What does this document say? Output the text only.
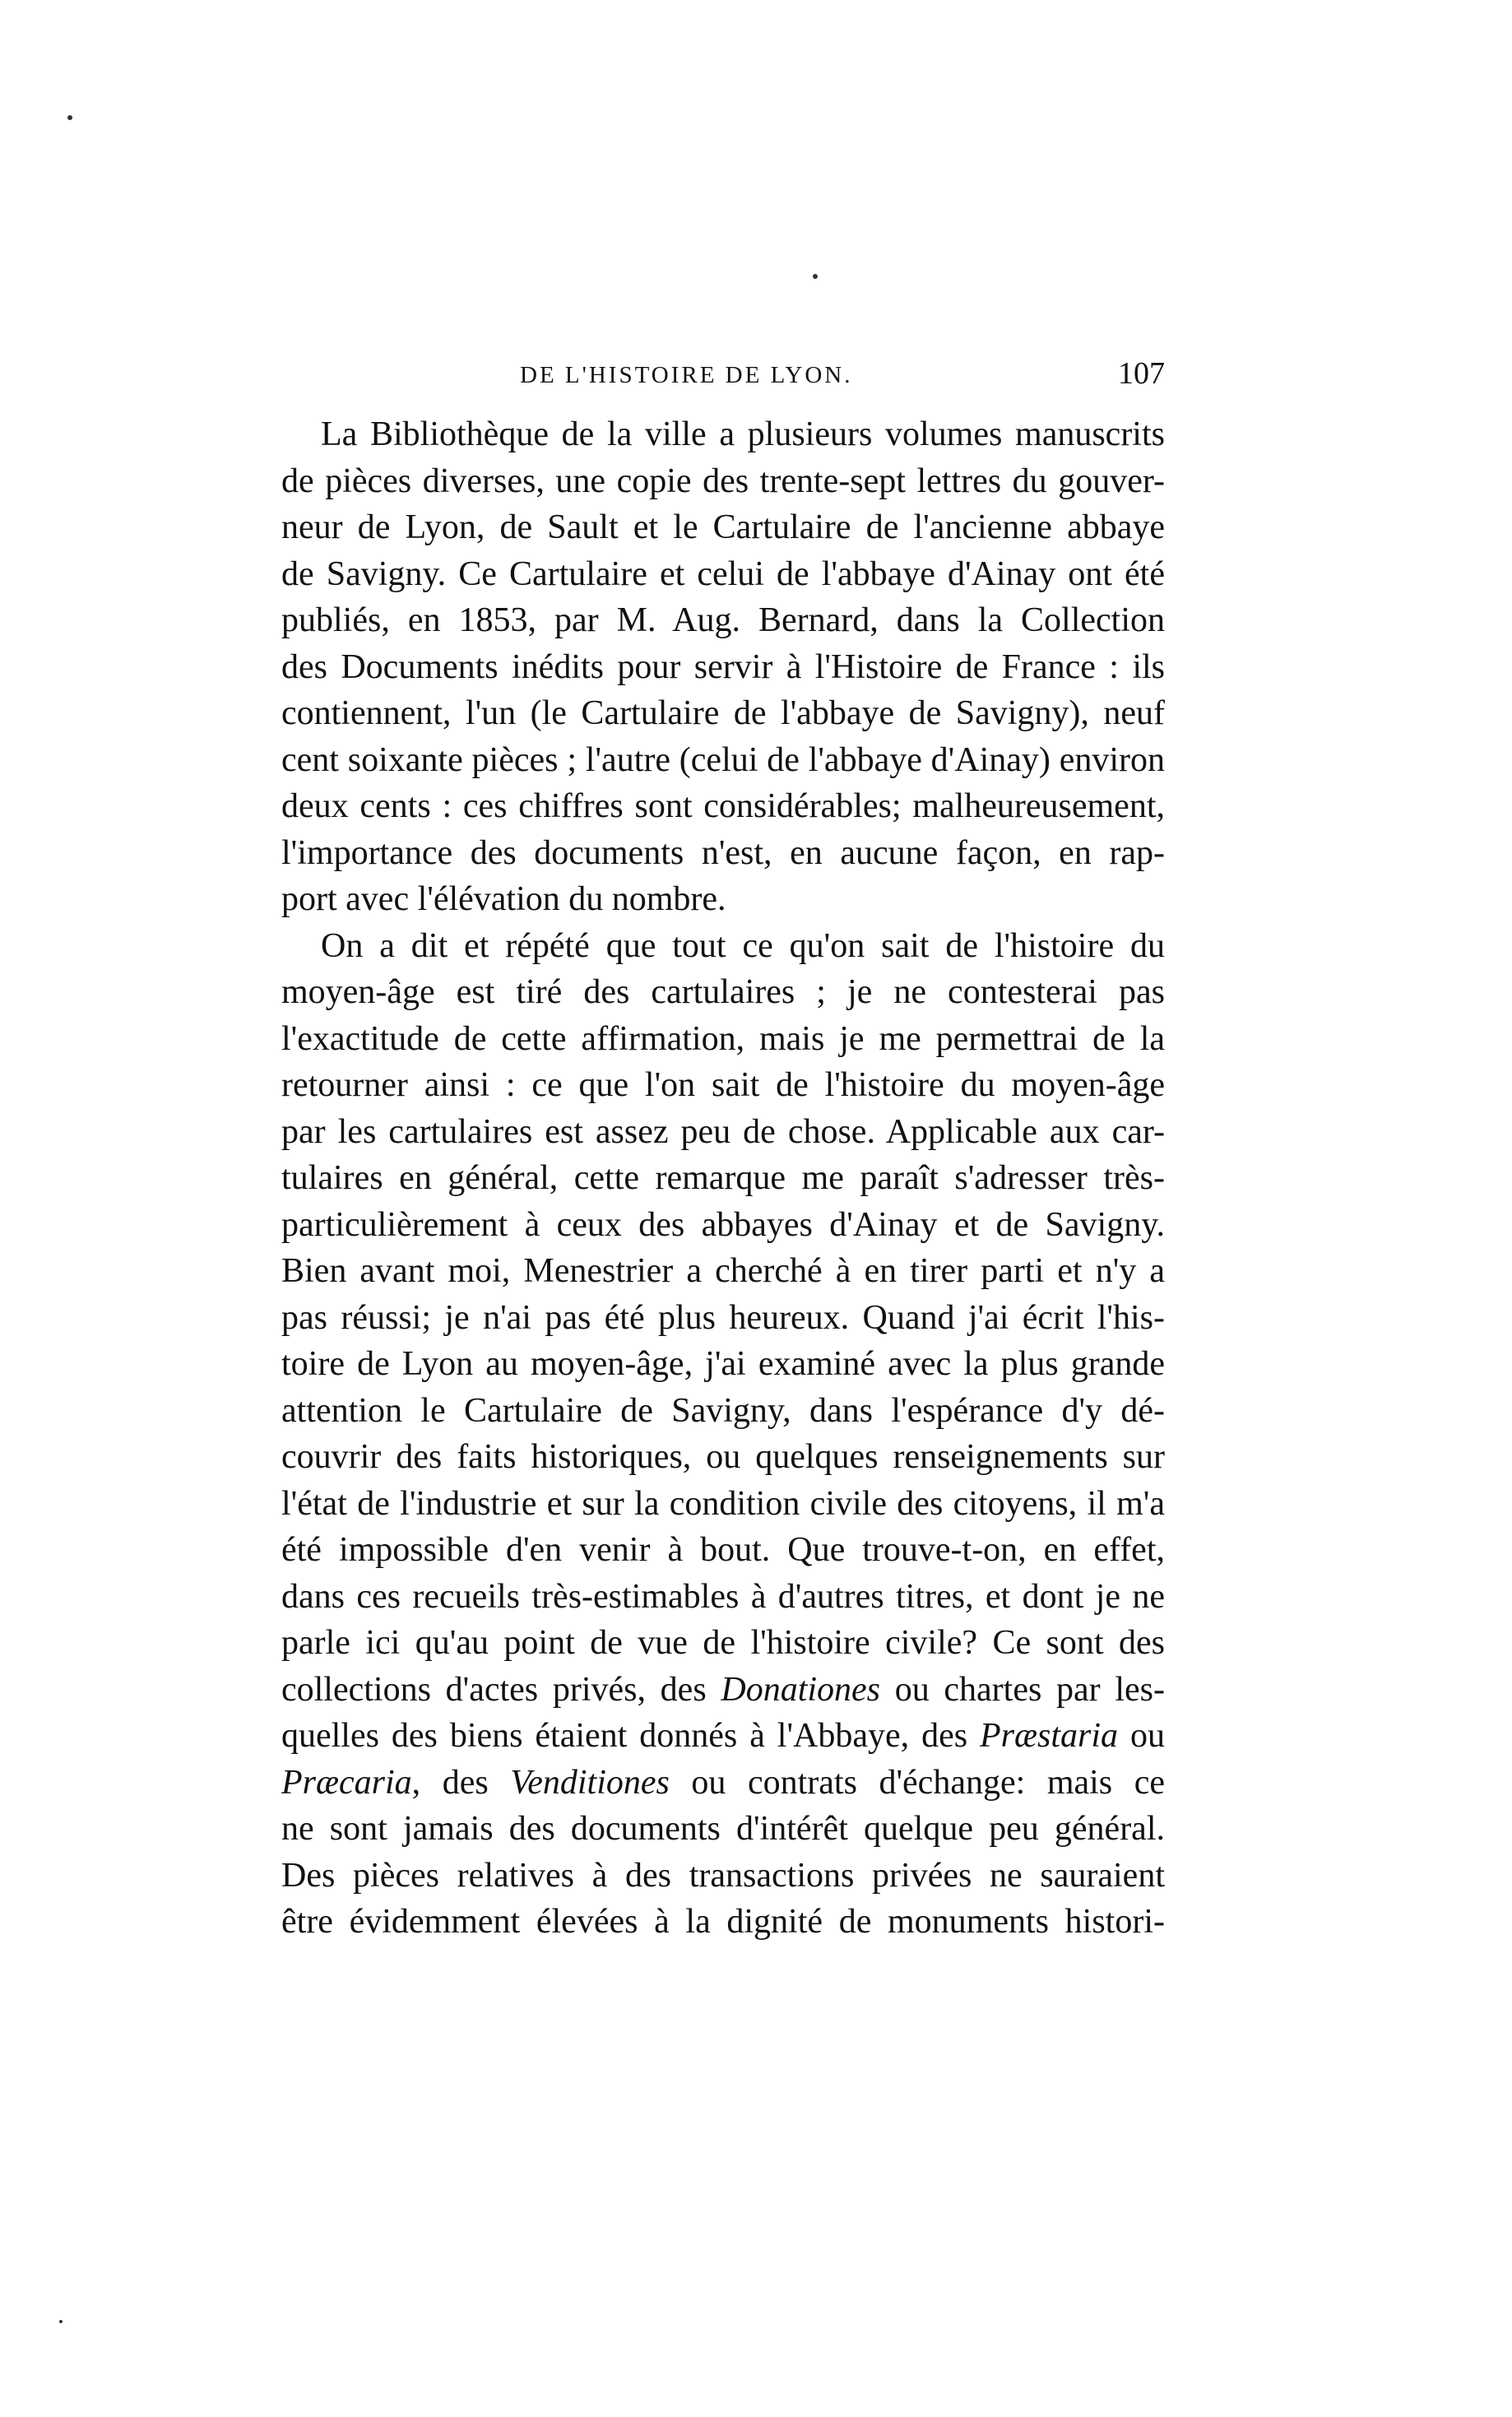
DE L'HISTOIRE DE LYON.	107
La Bibliothèque de la ville a plusieurs volumes manuscrits
de pièces diverses, une copie des trente-sept lettres du gouver-
neur de Lyon, de Sault et le Cartulaire de l'ancienne abbaye
de Savigny. Ce Cartulaire et celui de l'abbaye d'Ainay ont été
publiés, en 1853, par M. Aug. Bernard, dans la Collection
des Documents inédits pour servir à l'Histoire de France : ils
contiennent, l'un (le Cartulaire de l'abbaye de Savigny), neuf
cent soixante pièces ; l'autre (celui de l'abbaye d'Ainay) environ
deux cents : ces chiffres sont considérables; malheureusement,
l'importance des documents n'est, en aucune façon, en rap-
port avec l'élévation du nombre.
On a dit et répété que tout ce qu'on sait de l'histoire du
moyen-âge est tiré des cartulaires ; je ne contesterai pas
l'exactitude de cette affirmation, mais je me permettrai de la
retourner ainsi : ce que l'on sait de l'histoire du moyen-âge
par les cartulaires est assez peu de chose. Applicable aux car-
tulaires en général, cette remarque me paraît s'adresser très-
particulièrement à ceux des abbayes d'Ainay et de Savigny.
Bien avant moi, Menestrier a cherché à en tirer parti et n'y a
pas réussi; je n'ai pas été plus heureux. Quand j'ai écrit l'his-
toire de Lyon au moyen-âge, j'ai examiné avec la plus grande
attention le Cartulaire de Savigny, dans l'espérance d'y dé-
couvrir des faits historiques, ou quelques renseignements sur
l'état de l'industrie et sur la condition civile des citoyens, il m'a
été impossible d'en venir à bout. Que trouve-t-on, en effet,
dans ces recueils très-estimables à d'autres titres, et dont je ne
parle ici qu'au point de vue de l'histoire civile? Ce sont des
collections d'actes privés, des Donationes ou chartes par les-
quelles des biens étaient donnés à l'Abbaye, des Præstaria ou
Præcaria, des Venditiones ou contrats d'échange: mais ce
ne sont jamais des documents d'intérêt quelque peu général.
Des pièces relatives à des transactions privées ne sauraient
être évidemment élevées à la dignité de monuments histori-
